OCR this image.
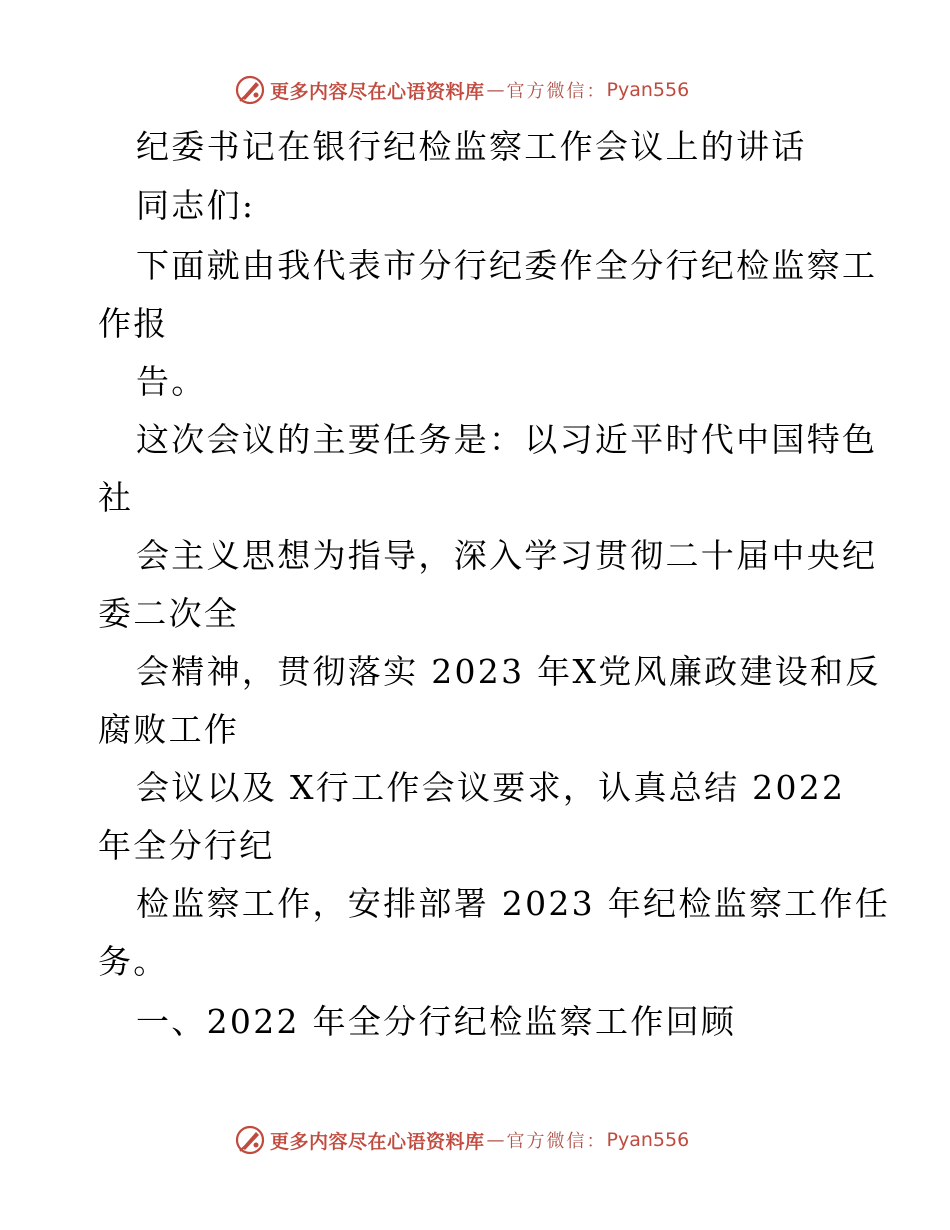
更多内容尽在心语资料库 — 官方微信： Pyan556
纪委书记在银行纪检监察工作会议上的讲话
同志们:
下面就由我代表市分行纪委作全分行纪检监察工
作报
告。
这次会议的主要任务是：以习近平时代中国特色
社
会主义思想为指导，深入学习贯彻二十届中央纪
委二次全
会精神，贯彻落实 2023 年X党风廉政建设和反
腐败工作
会议以及 X行工作会议要求，认真总结 2022
年全分行纪
检监察工作，安排部署 2023 年纪检监察工作任
务。
一、2022 年全分行纪检监察工作回顾
更多内容尽在心语资料库 — 官方微信： Pyan556
